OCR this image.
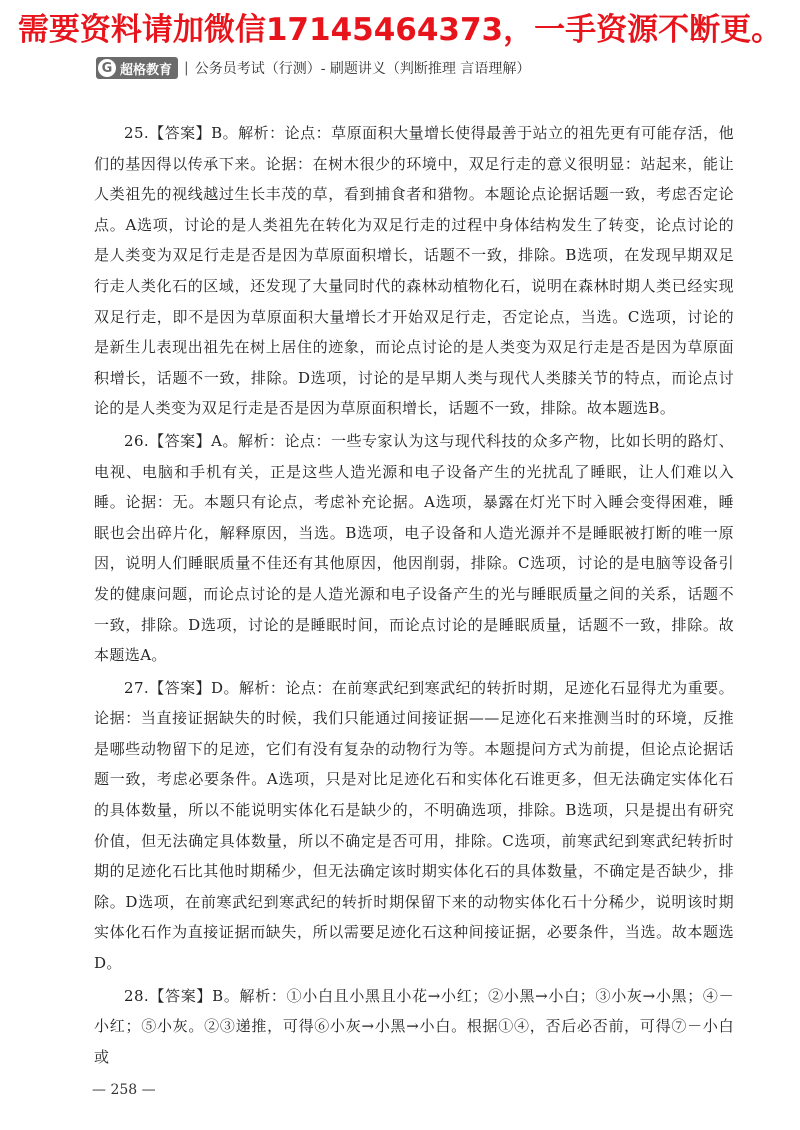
需要资料请加微信17145464373，一手资源不断更。
G 超格教育 | 公务员考试（行测）- 刷题讲义（判断推理 言语理解）

25.【答案】B。解析：论点：草原面积大量增长使得最善于站立的祖先更有可能存活，他们的基因得以传承下来。论据：在树木很少的环境中，双足行走的意义很明显：站起来，能让人类祖先的视线越过生长丰茂的草，看到捕食者和猎物。本题论点论据话题一致，考虑否定论点。A选项，讨论的是人类祖先在转化为双足行走的过程中身体结构发生了转变，论点讨论的是人类变为双足行走是否是因为草原面积增长，话题不一致，排除。B选项，在发现早期双足行走人类化石的区域，还发现了大量同时代的森林动植物化石，说明在森林时期人类已经实现双足行走，即不是因为草原面积大量增长才开始双足行走，否定论点，当选。C选项，讨论的是新生儿表现出祖先在树上居住的迹象，而论点讨论的是人类变为双足行走是否是因为草原面积增长，话题不一致，排除。D选项，讨论的是早期人类与现代人类膝关节的特点，而论点讨论的是人类变为双足行走是否是因为草原面积增长，话题不一致，排除。故本题选B。

26.【答案】A。解析：论点：一些专家认为这与现代科技的众多产物，比如长明的路灯、电视、电脑和手机有关，正是这些人造光源和电子设备产生的光扰乱了睡眠，让人们难以入睡。论据：无。本题只有论点，考虑补充论据。A选项，暴露在灯光下时入睡会变得困难，睡眠也会出碎片化，解释原因，当选。B选项，电子设备和人造光源并不是睡眠被打断的唯一原因，说明人们睡眠质量不佳还有其他原因，他因削弱，排除。C选项，讨论的是电脑等设备引发的健康问题，而论点讨论的是人造光源和电子设备产生的光与睡眠质量之间的关系，话题不一致，排除。D选项，讨论的是睡眠时间，而论点讨论的是睡眠质量，话题不一致，排除。故本题选A。

27.【答案】D。解析：论点：在前寒武纪到寒武纪的转折时期，足迹化石显得尤为重要。论据：当直接证据缺失的时候，我们只能通过间接证据——足迹化石来推测当时的环境，反推是哪些动物留下的足迹，它们有没有复杂的动物行为等。本题提问方式为前提，但论点论据话题一致，考虑必要条件。A选项，只是对比足迹化石和实体化石谁更多，但无法确定实体化石的具体数量，所以不能说明实体化石是缺少的，不明确选项，排除。B选项，只是提出有研究价值，但无法确定具体数量，所以不确定是否可用，排除。C选项，前寒武纪到寒武纪转折时期的足迹化石比其他时期稀少，但无法确定该时期实体化石的具体数量，不确定是否缺少，排除。D选项，在前寒武纪到寒武纪的转折时期保留下来的动物实体化石十分稀少，说明该时期实体化石作为直接证据而缺失，所以需要足迹化石这种间接证据，必要条件，当选。故本题选D。

28.【答案】B。解析：①小白且小黑且小花→小红；②小黑→小白；③小灰→小黑；④－小红；⑤小灰。②③递推，可得⑥小灰→小黑→小白。根据①④，否后必否前，可得⑦－小白或

— 258 —
